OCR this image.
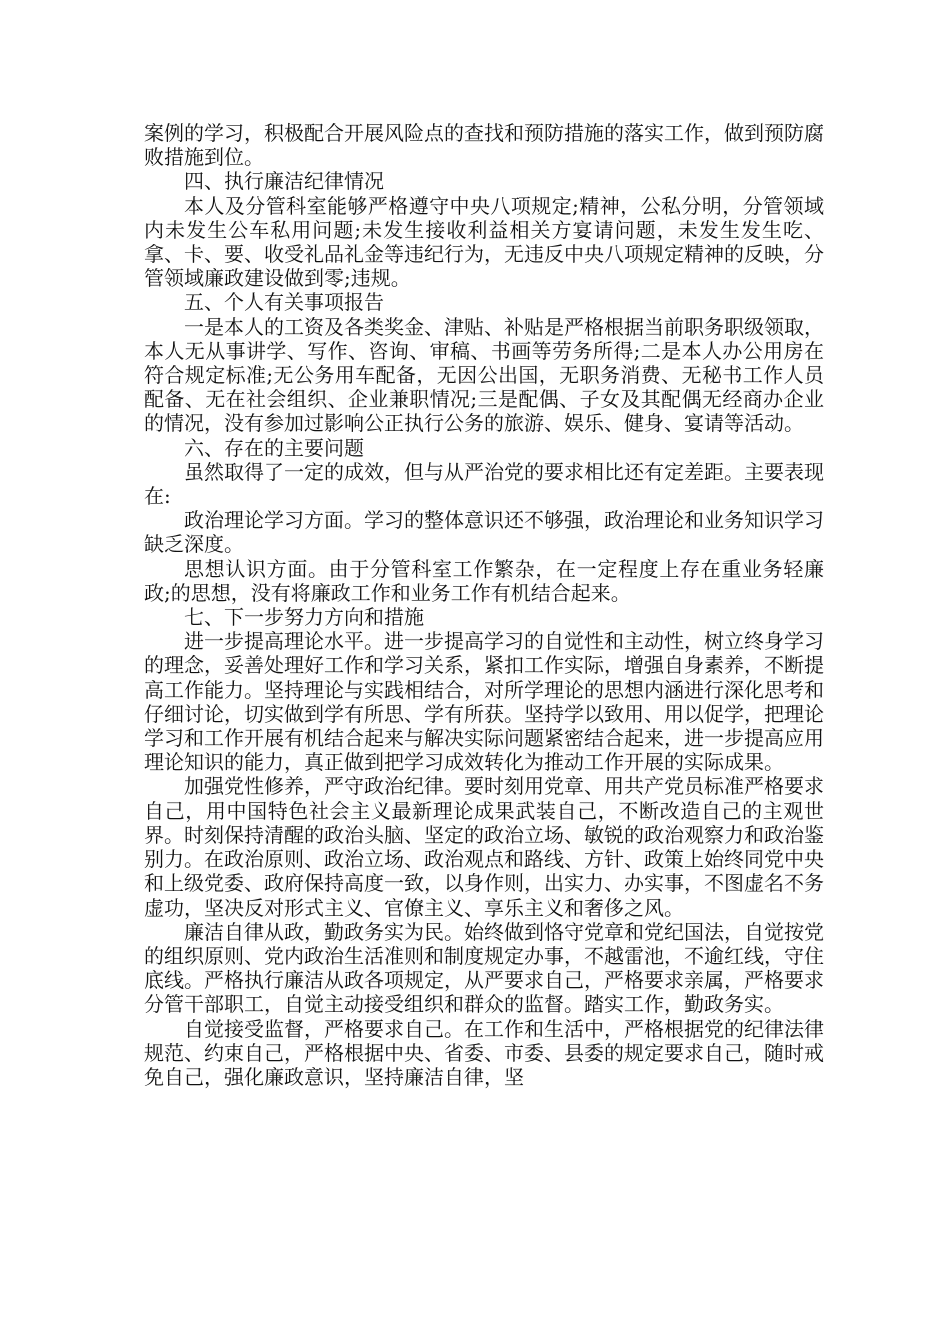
案例的学习，积极配合开展风险点的查找和预防措施的落实工作，做到预防腐败措施到位。

四、执行廉洁纪律情况

本人及分管科室能够严格遵守中央八项规定;精神，公私分明，分管领域内未发生公车私用问题;未发生接收利益相关方宴请问题，未发生发生吃、拿、卡、要、收受礼品礼金等违纪行为，无违反中央八项规定精神的反映，分管领域廉政建设做到零;违规。

五、个人有关事项报告

一是本人的工资及各类奖金、津贴、补贴是严格根据当前职务职级领取，本人无从事讲学、写作、咨询、审稿、书画等劳务所得;二是本人办公用房在符合规定标准;无公务用车配备，无因公出国，无职务消费、无秘书工作人员配备、无在社会组织、企业兼职情况;三是配偶、子女及其配偶无经商办企业的情况，没有参加过影响公正执行公务的旅游、娱乐、健身、宴请等活动。

六、存在的主要问题

虽然取得了一定的成效，但与从严治党的要求相比还有定差距。主要表现在:

政治理论学习方面。学习的整体意识还不够强，政治理论和业务知识学习缺乏深度。

思想认识方面。由于分管科室工作繁杂，在一定程度上存在重业务轻廉政;的思想，没有将廉政工作和业务工作有机结合起来。

七、下一步努力方向和措施

进一步提高理论水平。进一步提高学习的自觉性和主动性，树立终身学习的理念，妥善处理好工作和学习关系，紧扣工作实际，增强自身素养，不断提高工作能力。坚持理论与实践相结合，对所学理论的思想内涵进行深化思考和仔细讨论，切实做到学有所思、学有所获。坚持学以致用、用以促学，把理论学习和工作开展有机结合起来与解决实际问题紧密结合起来，进一步提高应用理论知识的能力，真正做到把学习成效转化为推动工作开展的实际成果。

加强党性修养，严守政治纪律。要时刻用党章、用共产党员标准严格要求自己，用中国特色社会主义最新理论成果武装自己，不断改造自己的主观世界。时刻保持清醒的政治头脑、坚定的政治立场、敏锐的政治观察力和政治鉴别力。在政治原则、政治立场、政治观点和路线、方针、政策上始终同党中央和上级党委、政府保持高度一致，以身作则，出实力、办实事，不图虚名不务虚功，坚决反对形式主义、官僚主义、享乐主义和奢侈之风。

廉洁自律从政，勤政务实为民。始终做到恪守党章和党纪国法，自觉按党的组织原则、党内政治生活准则和制度规定办事，不越雷池，不逾红线，守住底线。严格执行廉洁从政各项规定，从严要求自己，严格要求亲属，严格要求分管干部职工，自觉主动接受组织和群众的监督。踏实工作，勤政务实。

自觉接受监督，严格要求自己。在工作和生活中，严格根据党的纪律法律规范、约束自己，严格根据中央、省委、市委、县委的规定要求自己，随时戒免自己，强化廉政意识，坚持廉洁自律，坚
